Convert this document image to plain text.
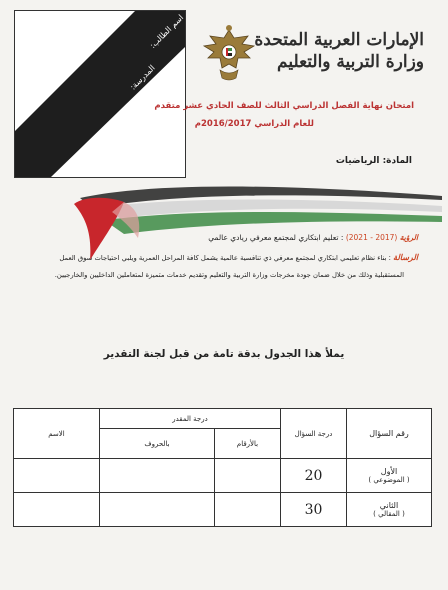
اسم الطالب:
المدرسة:
الرقم في الجلوس:
الشعبة:
الإمارات العربية المتحدة
وزارة التربية والتعليم
امتحان نهاية الفصل الدراسي الثالث للصف الحادي عشر متقدم
للعام الدراسي 2016/2017م
المادة: الرياضيات
الرؤية (2017 - 2021) : تعليم ابتكاري لمجتمع معرفي ريادي عالمي
الرسالة : بناء نظام تعليمي ابتكاري لمجتمع معرفي ذي تنافسية عالمية يشمل كافة المراحل العمرية ويلبي احتياجات سوق العمل
المستقبلية وذلك من خلال ضمان جودة مخرجات وزارة التربية والتعليم وتقديم خدمات متميزة لمتعاملين الداخليين والخارجيين.
يملأ هذا الجدول بدقة تامة من قبل لجنة التقدير
الاسم	درجة المقدر		درجة السؤال	رقم السؤال
	بالحروف	بالأرقام		
			20	الأول
( الموضوعي )

			30	الثاني
( المقالي )
